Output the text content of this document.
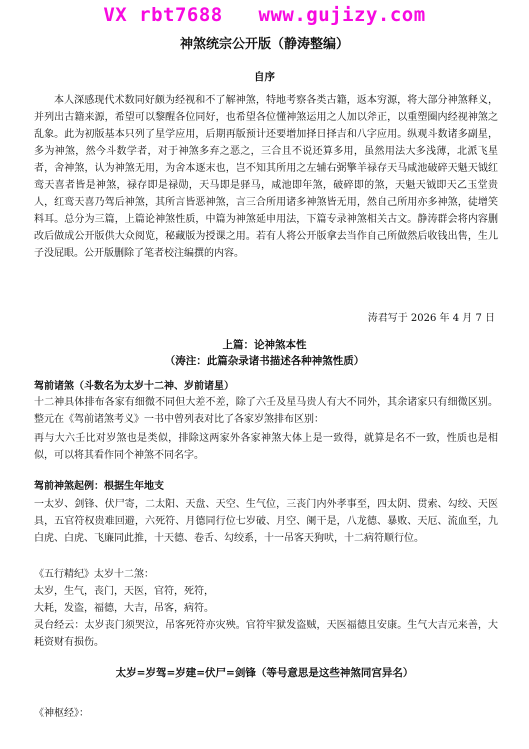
VX rbt7688   www.gujizy.com
神煞统宗公开版（静涛整编）
自序
本人深感现代术数同好颇为经视和不了解神煞，特地考察各类古籍，返本穷源，将大部分神煞释义，并列出古籍来源，希望可以黎醒各位同好，也希望各位懂神煞运用之人加以斧正，以重塑圈内经视神煞之乱象。此为初版基本只列了星学应用，后期再版预计还要增加择日择吉和八字应用。纵观斗数诸多副星，多为神煞，然今斗数学者，对于神煞多弃之恶之，三合且不说还算多用，虽然用法大多浅薄，北派飞星者，舍神煞，认为神煞无用，为舍本逐末也，岂不知其所用之左辅右弼擎羊禄存天马咸池破碎天魁天钺红鸾天喜者皆是神煞，禄存即是禄勋，天马即是驿马，咸池即年煞，破碎即的煞，天魁天钺即天乙玉堂贵人，红鸾天喜乃驾后神煞，其所言皆恶神煞，言三合所用诸多神煞皆无用，然自己所用亦多神煞，徒增笑料耳。总分为三篇，上篇论神煞性质，中篇为神煞延申用法，下篇专录神煞相关古文。静涛群会将内容删改后做成公开版供大众阅览，秘藏版为授课之用。若有人将公开版拿去当作自己所做然后收钱出售，生儿子没屁眼。公开版删除了笔者校注编撰的内容。
涛君写于 2026 年 4 月 7 日
上篇：论神煞本性
（涛注：此篇杂录诸书描述各种神煞性质）
驾前诸煞（斗数名为太岁十二神、岁前诸星）
十二神具体排布各家有细微不同但大差不差，除了六壬及星马贵人有大不同外，其余诸家只有细微区别。整元在《驾前诸煞考义》一书中曾列表对比了各家岁煞排布区别：
再与大六壬比对岁煞也是类似，排除这两家外各家神煞大体上是一致得，就算是名不一致，性质也是相似，可以将其看作同个神煞不同名字。
驾前神煞起例：根据生年地支
一太岁、剑锋、伏尸寄，二太阳、天盘、天空、生气位，三丧门内外孝事至，四太阴、贯索、勾绞、天医具，五官符权贵难回避，六死符、月德同行位七岁破、月空、阑干是，八龙德、暴败、天厄、流血至，九白虎、白虎、飞廉同此推，十天德、卷舌、勾绞系，十一吊客天狗吠，十二病符顺行位。
《五行精纪》太岁十二煞：
太岁，生气，丧门，天医，官符，死符，
大耗，发盗，福德，大吉，吊客，病符。
灵台经云：太岁丧门须哭泣，吊客死符亦灾殃。官符牢狱发盗贼，天医福德且安康。生气大吉元来善，大耗资财有损伤。
太岁=岁驾=岁建=伏尸=剑锋（等号意思是这些神煞同宫异名）
《神枢经》：
